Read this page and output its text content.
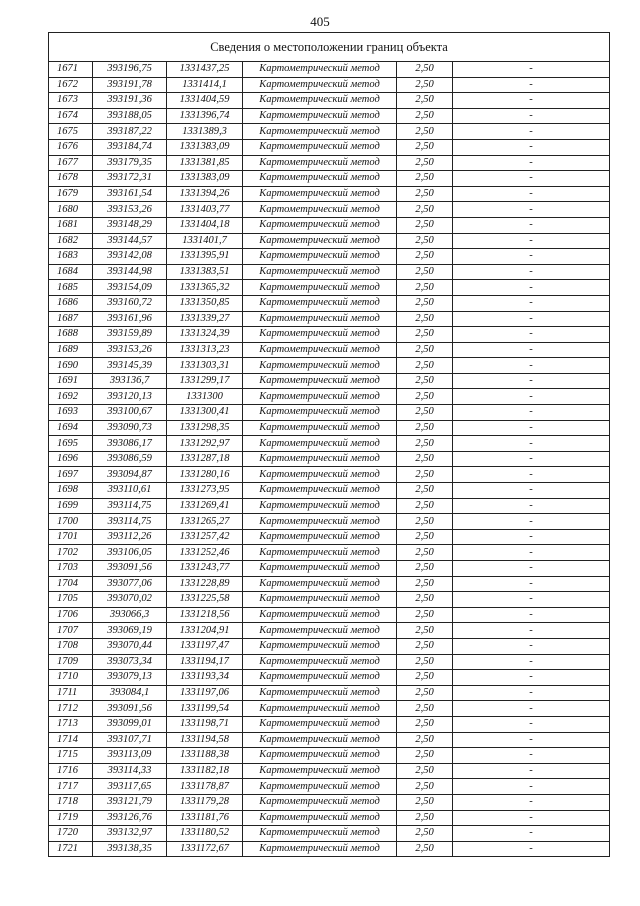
405
Сведения о местоположении границ объекта					
1671	393196,75	1331437,25	Картометрический метод	2,50	-
1672	393191,78	1331414,1	Картометрический метод	2,50	-
1673	393191,36	1331404,59	Картометрический метод	2,50	-
1674	393188,05	1331396,74	Картометрический метод	2,50	-
1675	393187,22	1331389,3	Картометрический метод	2,50	-
1676	393184,74	1331383,09	Картометрический метод	2,50	-
1677	393179,35	1331381,85	Картометрический метод	2,50	-
1678	393172,31	1331383,09	Картометрический метод	2,50	-
1679	393161,54	1331394,26	Картометрический метод	2,50	-
1680	393153,26	1331403,77	Картометрический метод	2,50	-
1681	393148,29	1331404,18	Картометрический метод	2,50	-
1682	393144,57	1331401,7	Картометрический метод	2,50	-
1683	393142,08	1331395,91	Картометрический метод	2,50	-
1684	393144,98	1331383,51	Картометрический метод	2,50	-
1685	393154,09	1331365,32	Картометрический метод	2,50	-
1686	393160,72	1331350,85	Картометрический метод	2,50	-
1687	393161,96	1331339,27	Картометрический метод	2,50	-
1688	393159,89	1331324,39	Картометрический метод	2,50	-
1689	393153,26	1331313,23	Картометрический метод	2,50	-
1690	393145,39	1331303,31	Картометрический метод	2,50	-
1691	393136,7	1331299,17	Картометрический метод	2,50	-
1692	393120,13	1331300	Картометрический метод	2,50	-
1693	393100,67	1331300,41	Картометрический метод	2,50	-
1694	393090,73	1331298,35	Картометрический метод	2,50	-
1695	393086,17	1331292,97	Картометрический метод	2,50	-
1696	393086,59	1331287,18	Картометрический метод	2,50	-
1697	393094,87	1331280,16	Картометрический метод	2,50	-
1698	393110,61	1331273,95	Картометрический метод	2,50	-
1699	393114,75	1331269,41	Картометрический метод	2,50	-
1700	393114,75	1331265,27	Картометрический метод	2,50	-
1701	393112,26	1331257,42	Картометрический метод	2,50	-
1702	393106,05	1331252,46	Картометрический метод	2,50	-
1703	393091,56	1331243,77	Картометрический метод	2,50	-
1704	393077,06	1331228,89	Картометрический метод	2,50	-
1705	393070,02	1331225,58	Картометрический метод	2,50	-
1706	393066,3	1331218,56	Картометрический метод	2,50	-
1707	393069,19	1331204,91	Картометрический метод	2,50	-
1708	393070,44	1331197,47	Картометрический метод	2,50	-
1709	393073,34	1331194,17	Картометрический метод	2,50	-
1710	393079,13	1331193,34	Картометрический метод	2,50	-
1711	393084,1	1331197,06	Картометрический метод	2,50	-
1712	393091,56	1331199,54	Картометрический метод	2,50	-
1713	393099,01	1331198,71	Картометрический метод	2,50	-
1714	393107,71	1331194,58	Картометрический метод	2,50	-
1715	393113,09	1331188,38	Картометрический метод	2,50	-
1716	393114,33	1331182,18	Картометрический метод	2,50	-
1717	393117,65	1331178,87	Картометрический метод	2,50	-
1718	393121,79	1331179,28	Картометрический метод	2,50	-
1719	393126,76	1331181,76	Картометрический метод	2,50	-
1720	393132,97	1331180,52	Картометрический метод	2,50	-
1721	393138,35	1331172,67	Картометрический метод	2,50	-
